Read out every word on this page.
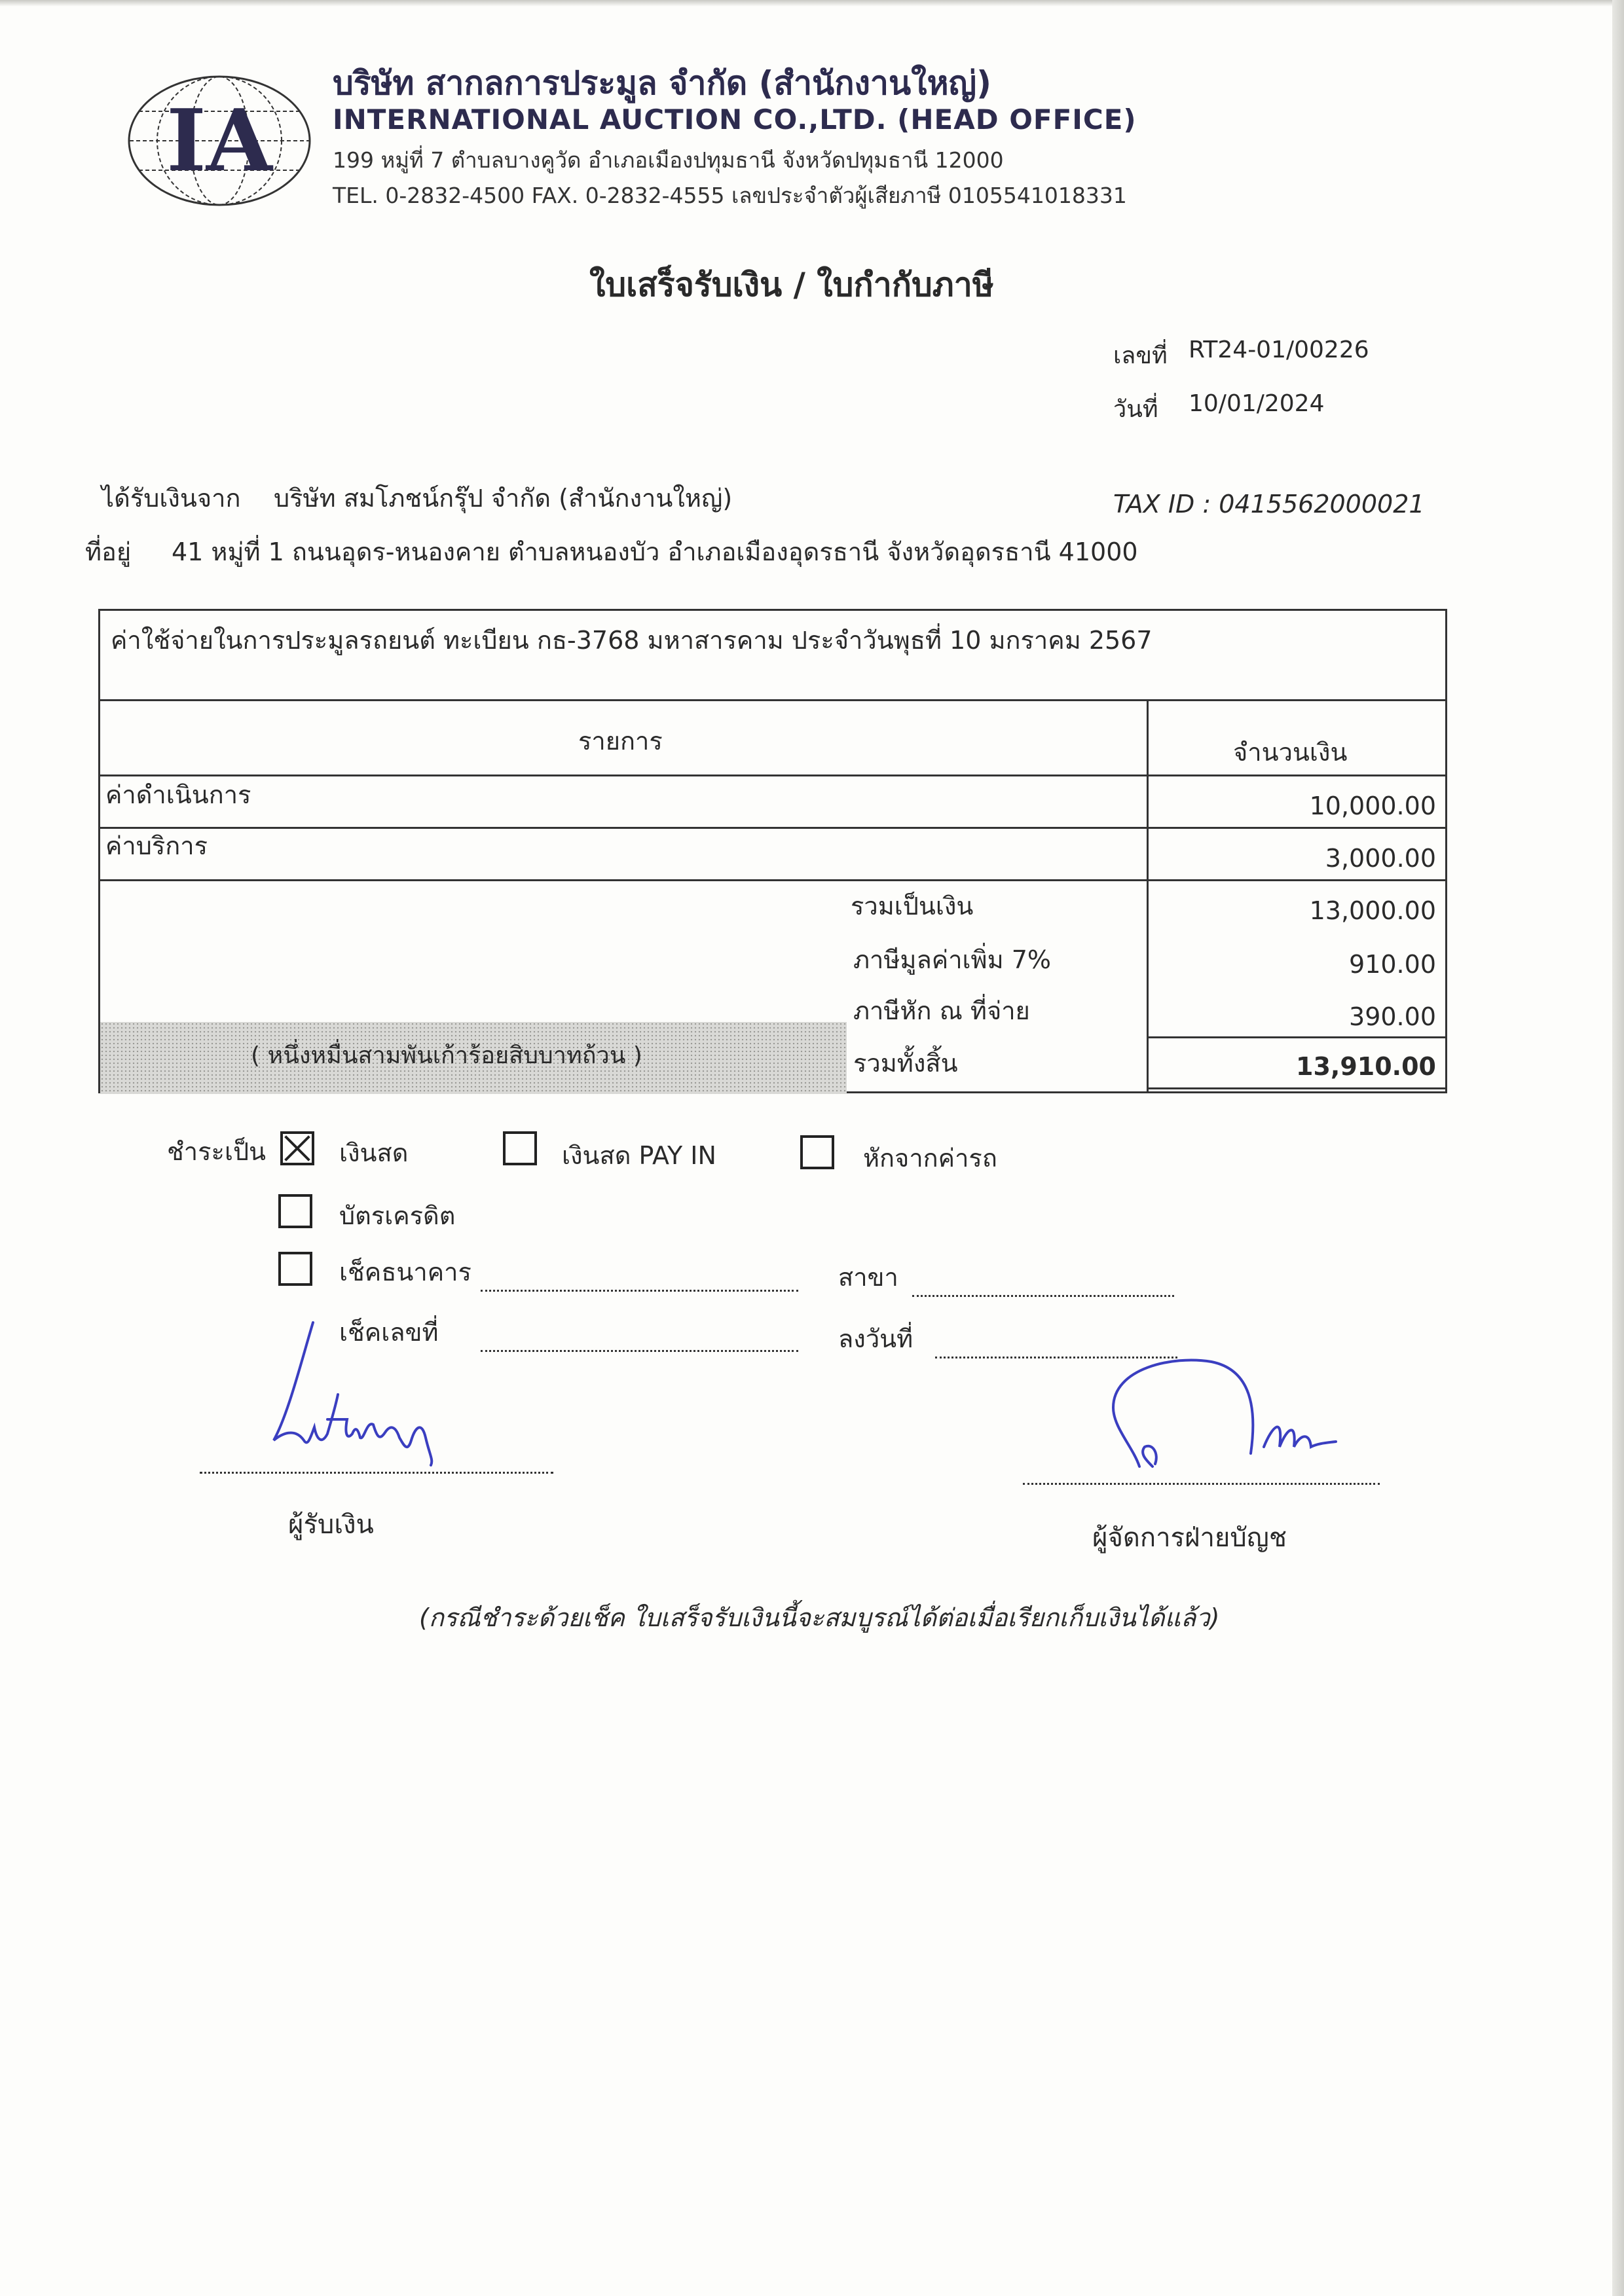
IA
บริษัท สากลการประมูล จำกัด (สำนักงานใหญ่)
INTERNATIONAL AUCTION CO.,LTD. (HEAD OFFICE)
199 หมู่ที่ 7 ตำบลบางคูวัด อำเภอเมืองปทุมธานี จังหวัดปทุมธานี 12000
TEL. 0-2832-4500 FAX. 0-2832-4555 เลขประจำตัวผู้เสียภาษี 0105541018331
ใบเสร็จรับเงิน / ใบกำกับภาษี
เลขที่ RT24-01/00226
วันที่ 10/01/2024
ได้รับเงินจาก บริษัท สมโภชน์กรุ๊ป จำกัด (สำนักงานใหญ่)	TAX ID : 0415562000021
ที่อยู่ 41 หมู่ที่ 1 ถนนอุดร-หนองคาย ตำบลหนองบัว อำเภอเมืองอุดรธานี จังหวัดอุดรธานี 41000
ค่าใช้จ่ายในการประมูลรถยนต์ ทะเบียน กธ-3768 มหาสารคาม ประจำวันพุธที่ 10 มกราคม 2567
รายการ	จำนวนเงิน
ค่าดำเนินการ	10,000.00
ค่าบริการ	3,000.00
รวมเป็นเงิน	13,000.00
ภาษีมูลค่าเพิ่ม 7%	910.00
ภาษีหัก ณ ที่จ่าย	390.00
( หนึ่งหมื่นสามพันเก้าร้อยสิบบาทถ้วน )	รวมทั้งสิ้น	13,910.00
ชำระเป็น	เงินสด	เงินสด PAY IN	หักจากค่ารถ
บัตรเครดิต
เช็คธนาคาร	สาขา
เช็คเลขที่	ลงวันที่
ผู้รับเงิน	ผู้จัดการฝ่ายบัญช
(กรณีชำระด้วยเช็ค ใบเสร็จรับเงินนี้จะสมบูรณ์ได้ต่อเมื่อเรียกเก็บเงินได้แล้ว)
